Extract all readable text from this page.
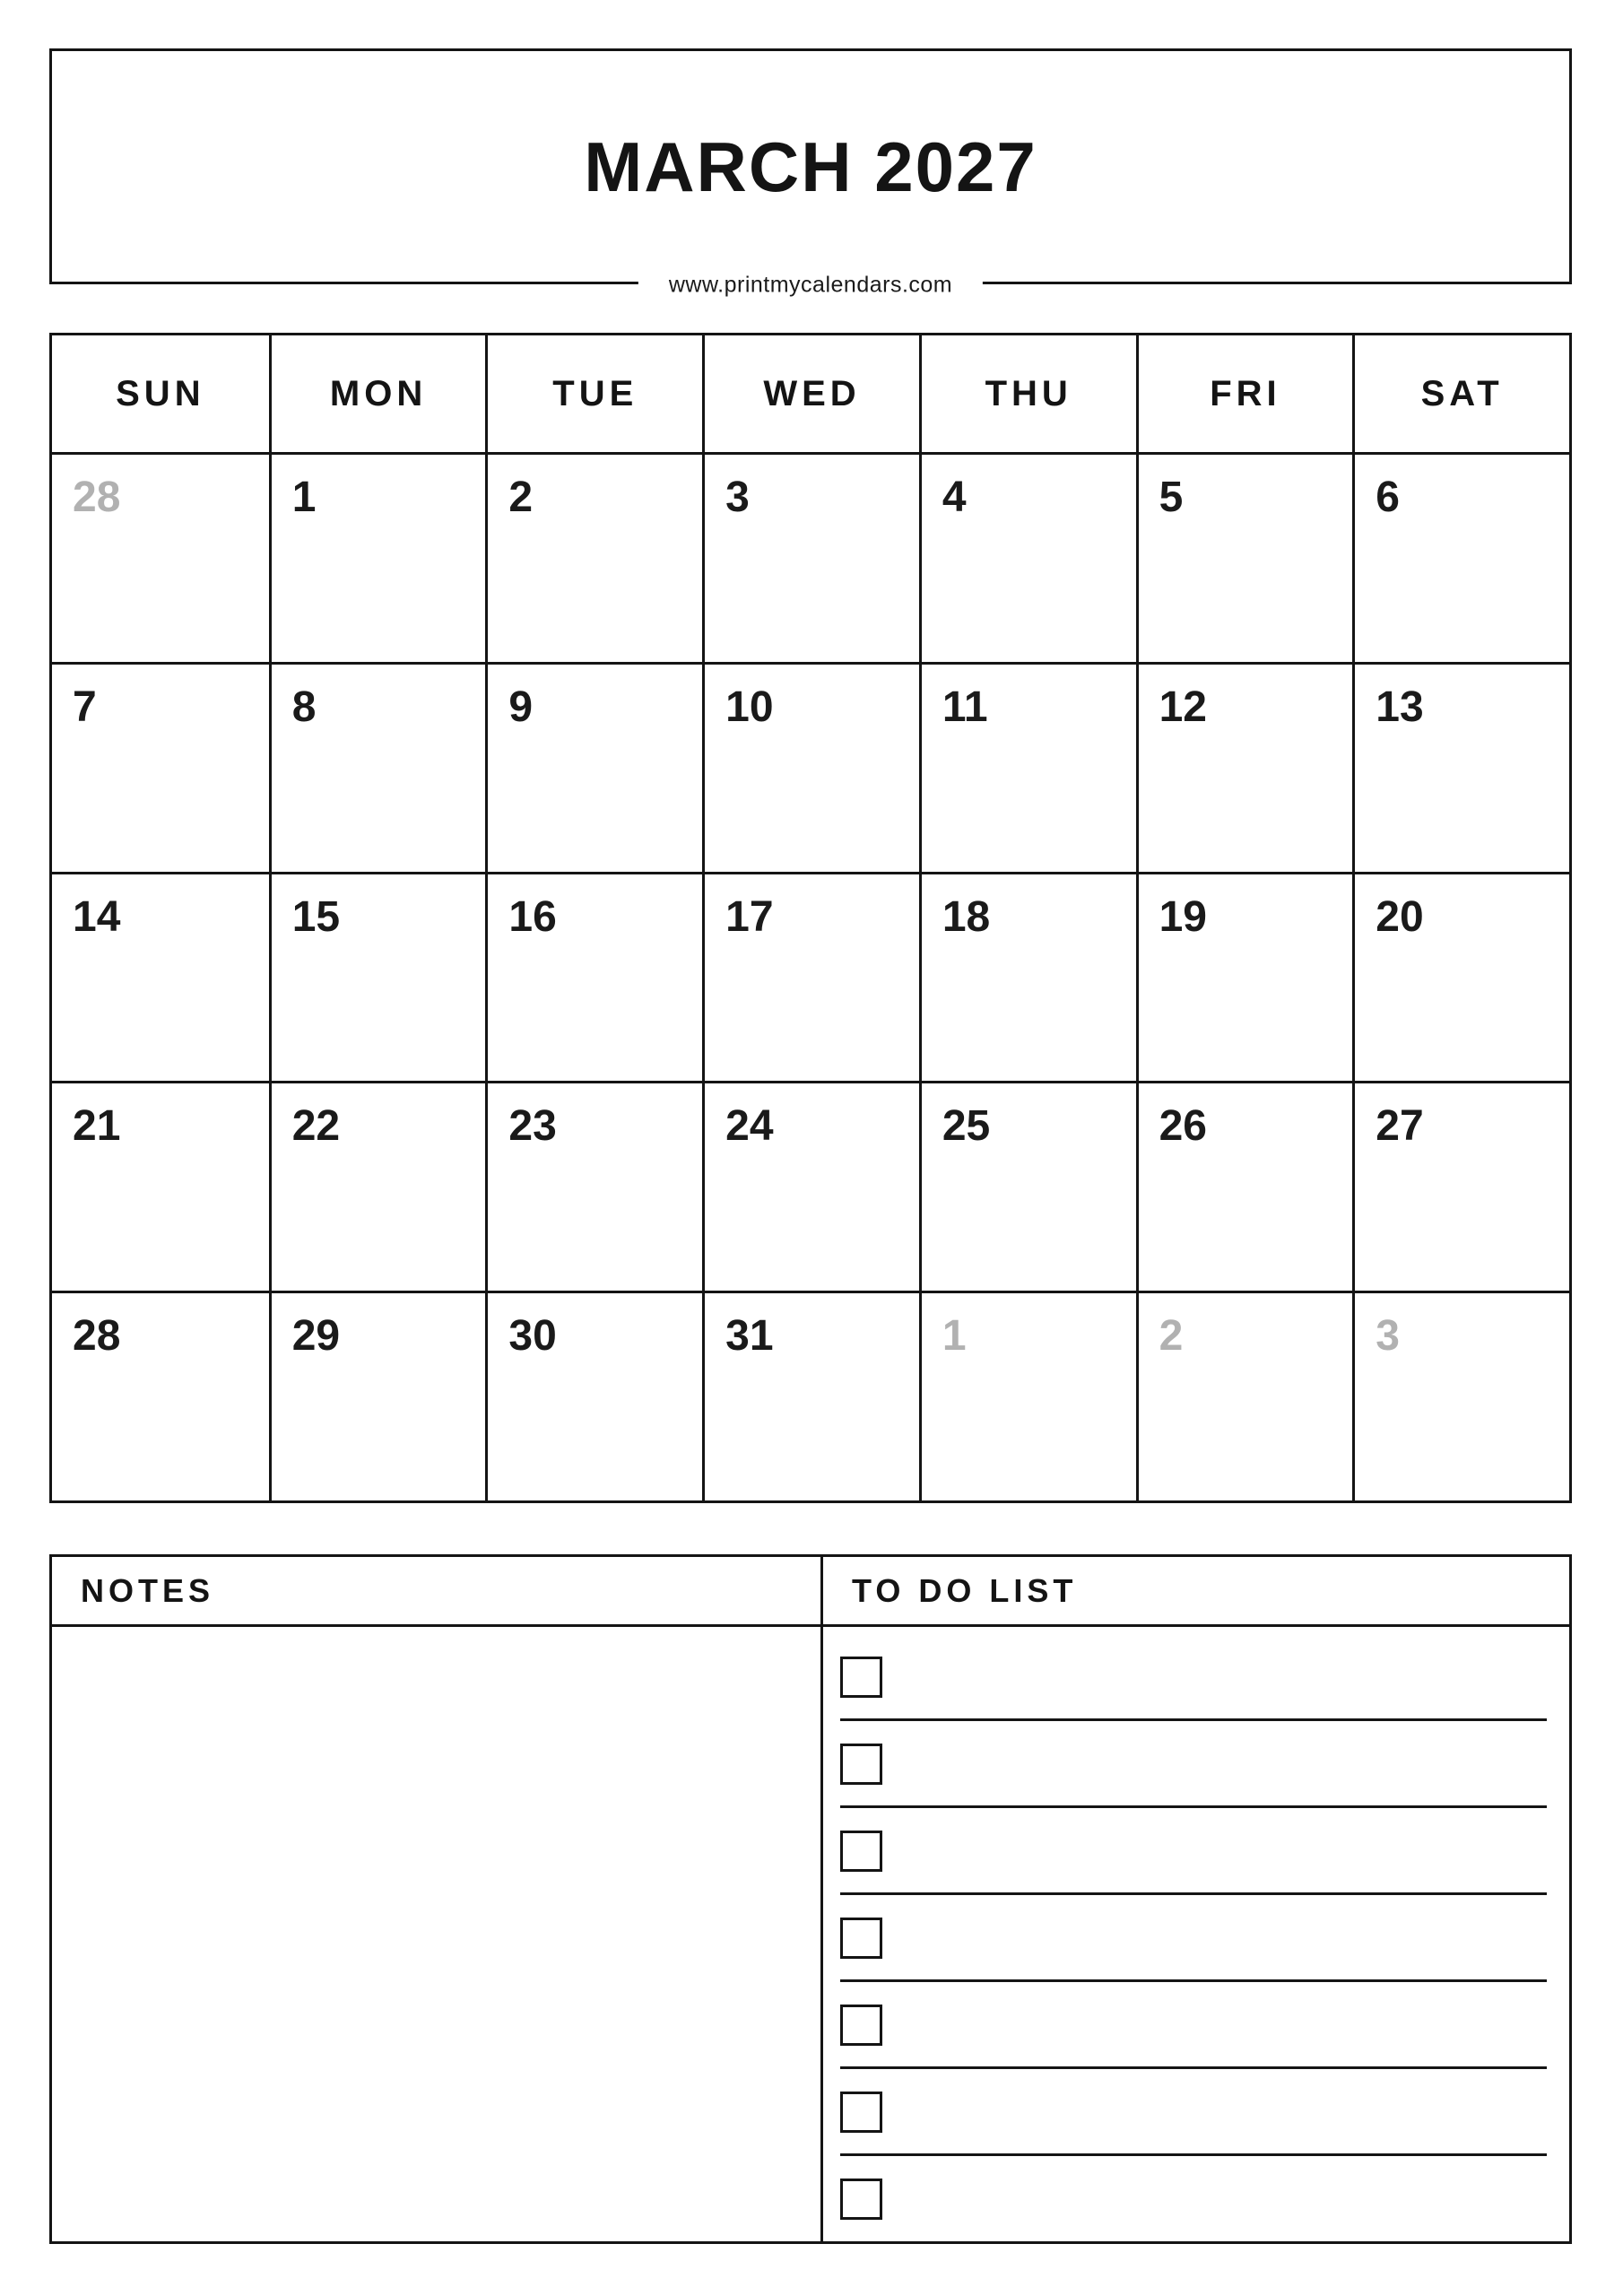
MARCH 2027
www.printmycalendars.com
SUN	MON	TUE	WED	THU	FRI	SAT
28	1	2	3	4	5	6
7	8	9	10	11	12	13
14	15	16	17	18	19	20
21	22	23	24	25	26	27
28	29	30	31	1	2	3
NOTES	TO DO LIST
